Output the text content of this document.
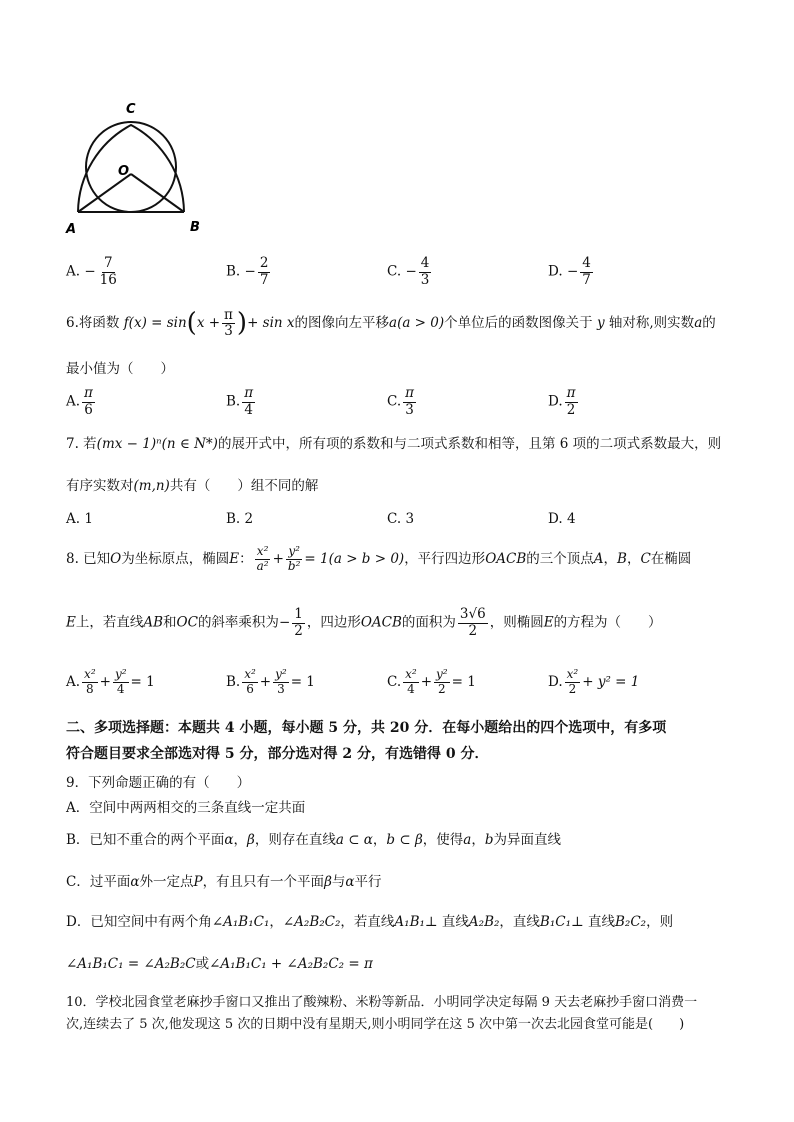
C
O
A	B
A. − $\frac{7}{16}$	B. − $\frac{2}{7}$	C. − $\frac{4}{3}$	D. − $\frac{4}{7}$
6.将函数 $f(x) = \sin(x + \frac{\pi}{3}$ )+ sin x的图像向左平移a(a > 0)个单位后的函数图像关于 y 轴对称,则实数a的
最小值为（　　）
A. $\frac{\pi}{6}$	B. $\frac{\pi}{4}$	C. $\frac{\pi}{3}$	D. $\frac{\pi}{2}$
7. 若(mx − 1)ⁿ(n ∈ N*)的展开式中，所有项的系数和与二项式系数和相等，且第 6 项的二项式系数最大，则
有序实数对(m,n)共有（　　）组不同的解
A. 1	B. 2	C. 3	D. 4
8. 已知O为坐标原点，椭圆E： $\frac{\text{x²}}{\text{a²}} + \frac{\text{y²}}{\text{b²}} = 1(a > b > 0)$，平行四边形OACB的三个顶点A，B，C在椭圆
E上，若直线AB和OC的斜率乘积为− $\frac{1}{2}$ ，四边形OACB的面积为 $\frac{3√6}{2}$ ，则椭圆E的方程为（　　）
A. $\frac{\text{x²}}{8} + \frac{\text{y²}}{4} = 1$	B. $\frac{\text{x²}}{6} + \frac{\text{y²}}{3} = 1$	C. $\frac{\text{x²}}{4} + \frac{\text{y²}}{2} = 1$	D. $\frac{\text{x²}}{2} + y^2 = 1$
二、多项选择题：本题共 4 小题，每小题 5 分，共 20 分．在每小题给出的四个选项中，有多项
符合题目要求全部选对得 5 分，部分选对得 2 分，有选错得 0 分．
9．下列命题正确的有（　　）
A．空间中两两相交的三条直线一定共面
B．已知不重合的两个平面α，β，则存在直线a ⊂ α，b ⊂ β，使得a，b为异面直线
C．过平面α外一定点P，有且只有一个平面β与α平行
D．已知空间中有两个角∠A₁B₁C₁，∠A₂B₂C₂，若直线A₁B₁⊥ 直线A₂B₂，直线B₁C₁⊥ 直线B₂C₂，则
∠A₁B₁C₁ = ∠A₂B₂C或∠A₁B₁C₁ + ∠A₂B₂C₂ = π
10．学校北园食堂老麻抄手窗口又推出了酸辣粉、米粉等新品．小明同学决定每隔 9 天去老麻抄手窗口消费一
次,连续去了 5 次,他发现这 5 次的日期中没有星期天,则小明同学在这 5 次中第一次去北园食堂可能是(　　)
